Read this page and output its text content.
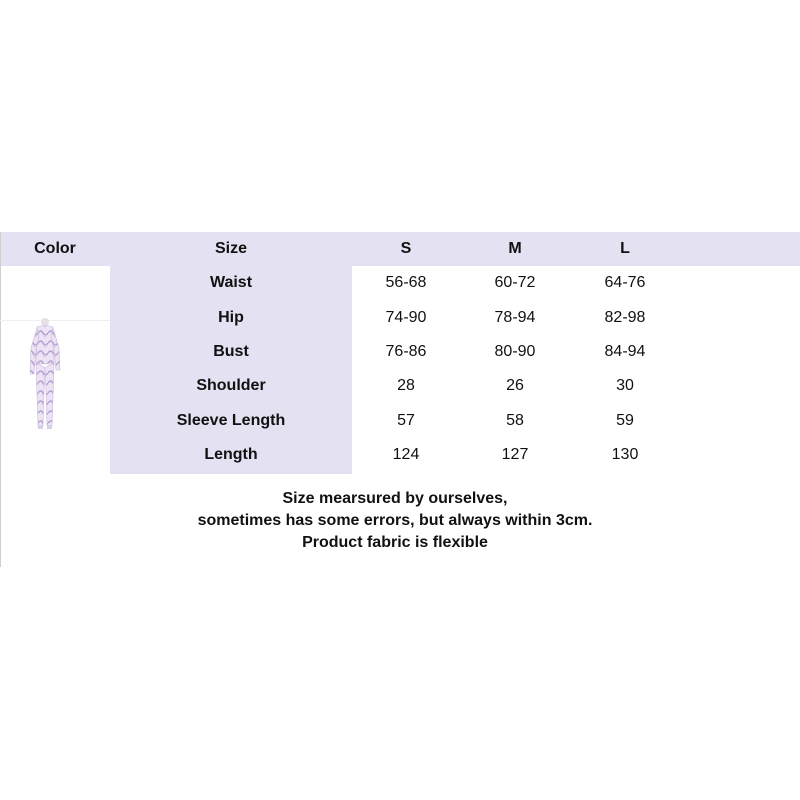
Color	Size	S	M	L
Waist	56-68	60-72	64-76
Hip	74-90	78-94	82-98
Bust	76-86	80-90	84-94
Shoulder	28	26	30
Sleeve Length	57	58	59
Length	124	127	130
Size mearsured by ourselves,
sometimes has some errors, but always within 3cm.
Product fabric is flexible
